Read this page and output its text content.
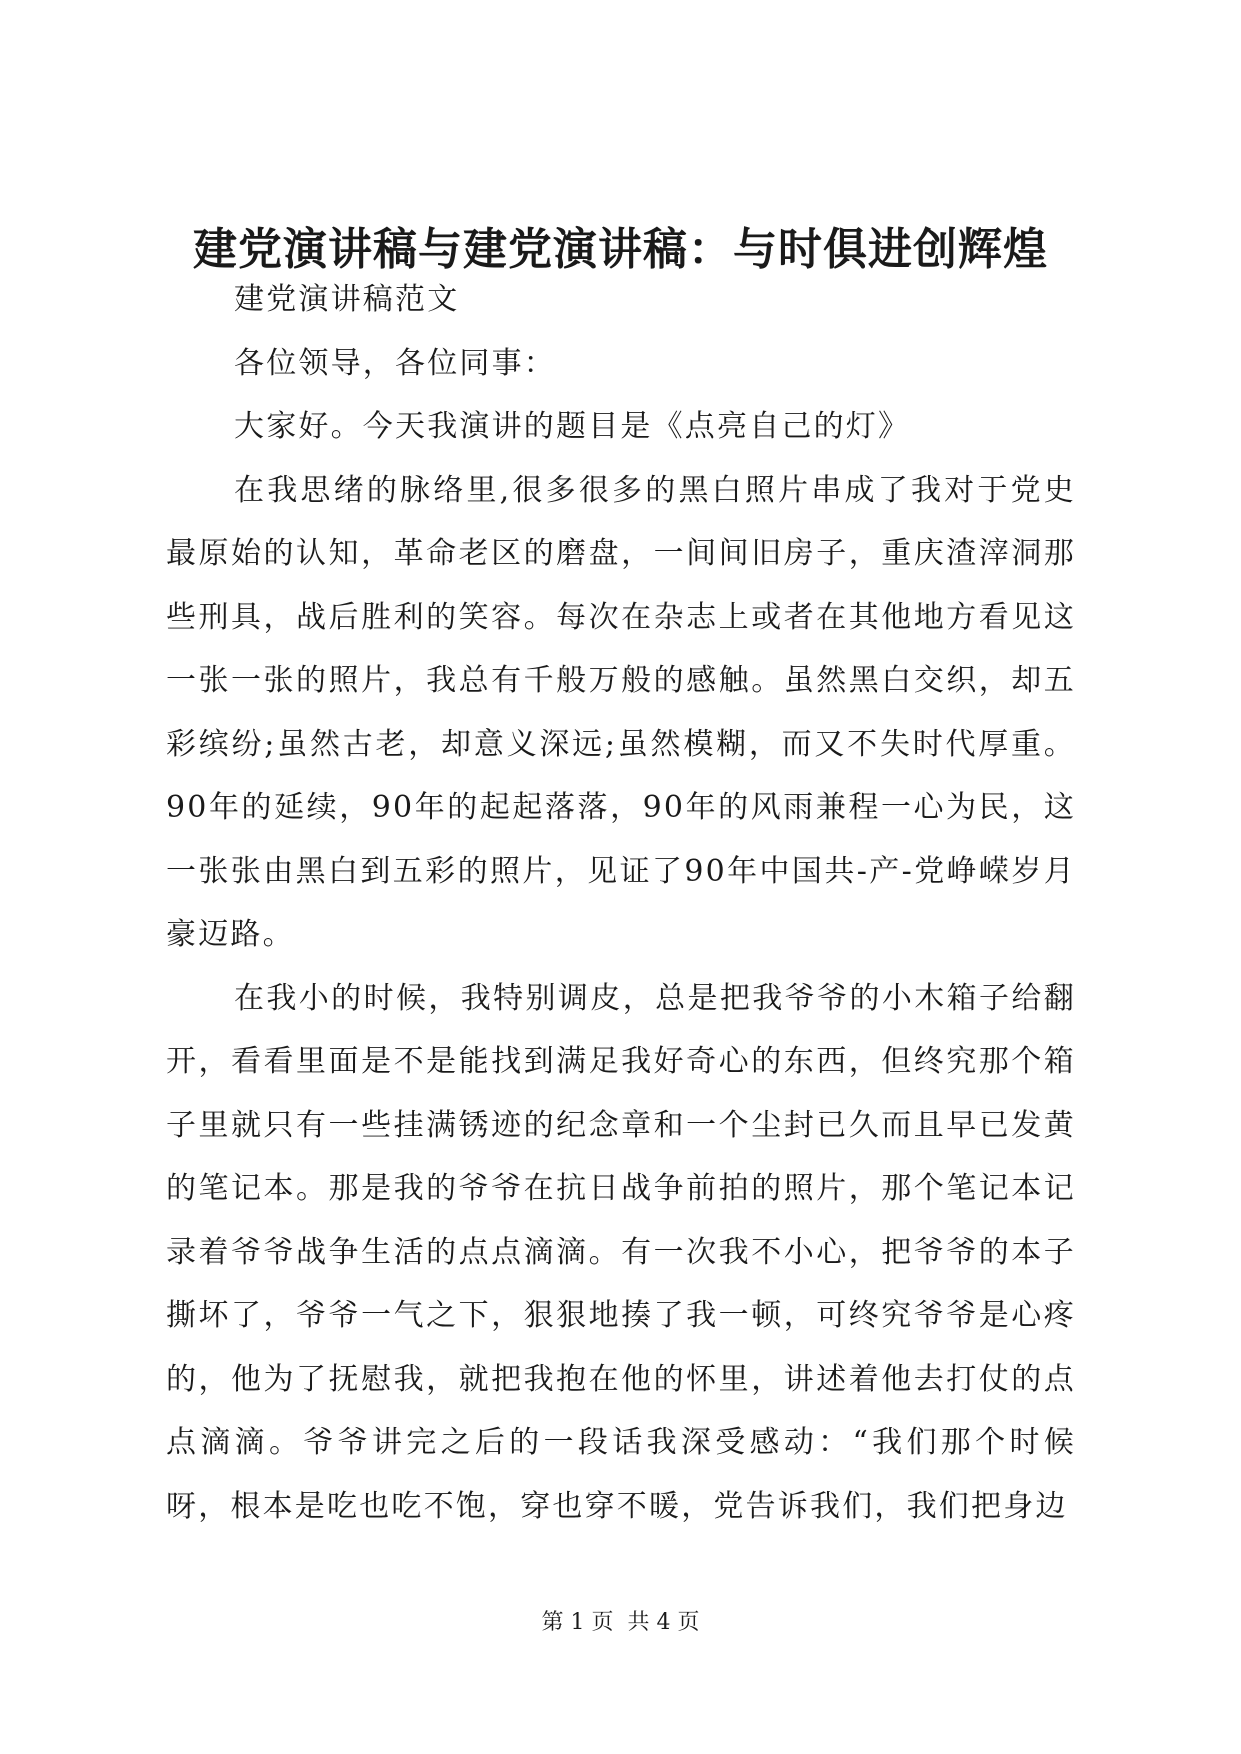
建党演讲稿与建党演讲稿：与时俱进创辉煌

建党演讲稿范文

各位领导，各位同事：

大家好。今天我演讲的题目是《点亮自己的灯》

在我思绪的脉络里,很多很多的黑白照片串成了我对于党史最原始的认知，革命老区的磨盘，一间间旧房子，重庆渣滓洞那些刑具，战后胜利的笑容。每次在杂志上或者在其他地方看见这一张一张的照片，我总有千般万般的感触。虽然黑白交织，却五彩缤纷;虽然古老，却意义深远;虽然模糊，而又不失时代厚重。90年的延续，90年的起起落落，90年的风雨兼程一心为民，这一张张由黑白到五彩的照片，见证了90年中国共-产-党峥嵘岁月豪迈路。

在我小的时候，我特别调皮，总是把我爷爷的小木箱子给翻开，看看里面是不是能找到满足我好奇心的东西，但终究那个箱子里就只有一些挂满锈迹的纪念章和一个尘封已久而且早已发黄的笔记本。那是我的爷爷在抗日战争前拍的照片，那个笔记本记录着爷爷战争生活的点点滴滴。有一次我不小心，把爷爷的本子撕坏了，爷爷一气之下，狠狠地揍了我一顿，可终究爷爷是心疼的，他为了抚慰我，就把我抱在他的怀里，讲述着他去打仗的点点滴滴。爷爷讲完之后的一段话我深受感动：“我们那个时候呀，根本是吃也吃不饱，穿也穿不暖，党告诉我们，我们把身边

第 1 页 共 4 页
